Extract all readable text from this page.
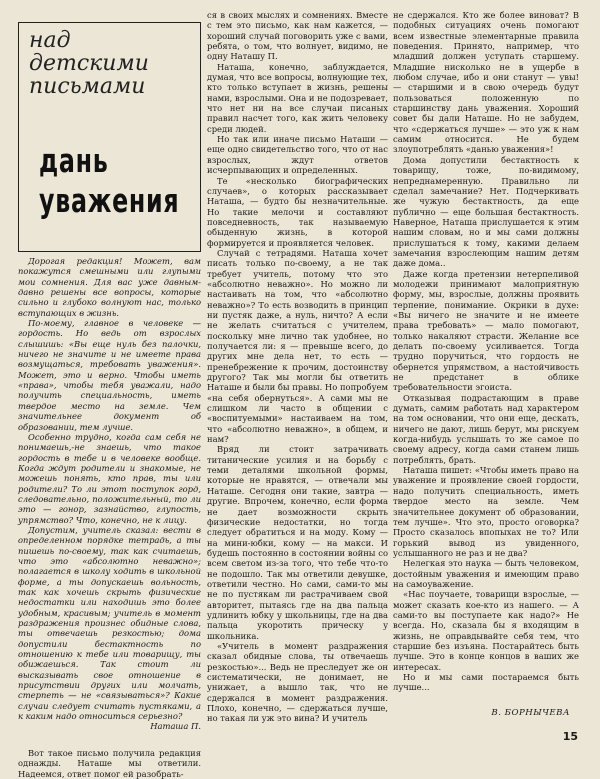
над детскими письмами
дань уважения

Дорогая редакция! Может, вам покажутся смешными или глупыми мои сомнения. Для вас уже давным-давно решены все вопросы, которые сильно и глубоко волнуют нас, только вступающих в жизнь.

По-моему, главное в человеке — гордость. Но ведь от взрослых слышишь: «Вы еще нуль без палочки, ничего не значите и не имеете права возмущаться, требовать уважения». Может, это и верно. Чтобы иметь «права», чтобы тебя уважали, надо получить специальность, иметь твердое место на земле. Чем значительнее документ об образовании, тем лучше.

Особенно трудно, когда сам себя не понимаешь,-не знаешь, что такое гордость в тебе и в человеке вообще. Когда ждут родители и знакомые, не можешь понять, кто прав, ты или родители? То ли этот поступок горд, следовательно, положительный, то ли это — гонор, зазнайство, глупость, упрямство? Что, конечно, не к лицу.

Допустим, учитель сказал: вести в определенном порядке тетрадь, а ты пишешь по-своему, так как считаешь, что это «абсолютно неважно»; полагается в школу ходить в школьной форме, а ты допускаешь вольность, так как хочешь скрыть физические недостатки или находишь это более удобным, красивым; учитель в момент раздражения произнес обидные слова, ты отвечаешь резкостью; дома допустили бестактность по отношению к тебе или товарищу, ты обижаешься. Так стоит ли высказывать свое отношение в присутствии других или молчать, стерпеть — не «связываться»? Какие случаи следует считать пустяками, а к каким надо относиться серьезно?

Наташа П.

Вот такое письмо получила редакция однажды. Наташе мы ответили. Надеемся, ответ помог ей разобрать-

ся в своих мыслях и сомнениях. Вместе с тем это письмо, как нам кажется, — хороший случай поговорить уже с вами, ребята, о том, что волнует, видимо, не одну Наташу П.

Наташа, конечно, заблуждается, думая, что все вопросы, волнующие тех, кто только вступает в жизнь, решены нами, взрослыми. Она и не подозревает, что нет ни на все случаи писаных правил насчет того, как жить человеку среди людей.

Но так или иначе письмо Наташи — еще одно свидетельство того, что от нас взрослых, ждут ответов исчерпывающих и определенных.

Те «несколько биографических случаев», о которых рассказывает Наташа, — будто бы незначительные. Но такие мелочи и составляют повседневность, так называемую обыденную жизнь, в которой формируется и проявляется человек.

Случай с тетрадями. Наташа хочет писать только по-своему, а не так требует учитель, потому что это «абсолютно неважно». Но можно ли настаивать на том, что «абсолютно неважно»? То есть возводить в принцип ни пустяк даже, а нуль, ничто? А если не желать считаться с учителем, поскольку мне лично так удобнее, но получается ли: я — превыше всего, до других мне дела нет, то есть — пренебрежение к прочим, достоинству другого? Так мы могли бы ответить Наташе и были бы правы. Но попробуем «на себя обернуться». А сами мы не слишком ли часто в общении с «воспитуемыми» настаиваем на том, что «абсолютно неважно», в общем, и нам?

Вряд ли стоит затрачивать титанические усилия и на борьбу с теми деталями школьной формы, которые не нравятся, — отвечали мы Наташе. Сегодня они такие, завтра — другие. Впрочем, конечно, если форма не дает возможности скрыть физические недостатки, но тогда следует обратиться и на моду. Кому — на мини-юбки, кому — на макси. И будешь постоянно в состоянии войны со всем светом из-за того, что тебе что-то не подошло. Так мы ответили девушке, ответили честно. Но сами, сами-то мы не по пустякам ли растрачиваем свой авторитет, пытаясь где на два пальца удлинить юбку у школьницы, где на два пальца укоротить прическу у школьника.

«Учитель в момент раздражения сказал обидные слова, ты отвечаешь резкостью»... Ведь не преследует же он систематически, не донимает, не унижает, а вышло так, что не сдержался в момент раздражения. Плохо, конечно, — сдержаться лучше, но такая ли уж это вина? И учитель

не сдержался. Кто же более виноват? В подобных ситуациях очень помогают всем известные элементарные правила поведения. Принято, например, что младший должен уступать старшему. Младшие нисколько не в ущербе в любом случае, ибо и они станут — увы! — старшими и в свою очередь будут пользоваться положенную по старшинству дань уважения. Хороший совет бы дали Наташе. Но не забудем, что «сдержаться лучше» — это уж к нам самим относится. Не будем злоупотреблять «данью уважения»!

Дома допустили бестактность к товарищу, тоже, по-видимому, непреднамеренную. Правильно ли сделал замечание? Нет. Подчеркивать же чужую бестактность, да еще публично — еще большая бестактность. Наверное, Наташа прислушается к этим нашим словам, но и мы сами должны прислушаться к тому, какими делаем замечания взрослеющим нашим детям даже дома..

Даже когда претензии нетерпеливой молодежи принимают малоприятную форму, мы, взрослые, должны проявить терпение, понимание. Окрики в духе: «Вы ничего не значите и не имеете права требовать» — мало помогают, только накаляют страсти. Желание все делать по-своему усиливается. Тогда трудно поручиться, что гордость не обернется упрямством, а настойчивость не предстанет в облике требовательности эгоиста.

Отказывая подрастающим в праве думать, самим работать над характером на том основании, что они еще, дескать, ничего не дают, лишь берут, мы рискуем когда-нибудь услышать то же самое по своему адресу, когда сами станем лишь потреблять, брать.

Наташа пишет: «Чтобы иметь право на уважение и проявление своей гордости, надо получить специальность, иметь твердое место на земле. Чем значительнее документ об образовании, тем лучше». Что это, просто оговорка? Просто сказалось впопыхах не то? Или горький вывод из увиденного, услышанного не раз и не два?

Нелегкая это наука — быть человеком, достойным уважения и имеющим право на самоуважение.

«Нас поучаете, товарищи взрослые, — может сказать кое-кто из нашего. — А сами-то вы поступаете как надо?» Не всегда. Но, сказала бы я входящим в жизнь, не оправдывайте себя тем, что старшие без изъяна. Постарайтесь быть лучше. Это в конце концов в ваших же интересах.

Но и мы сами постараемся быть лучше...

В. БОРНЫЧЕВА
15
